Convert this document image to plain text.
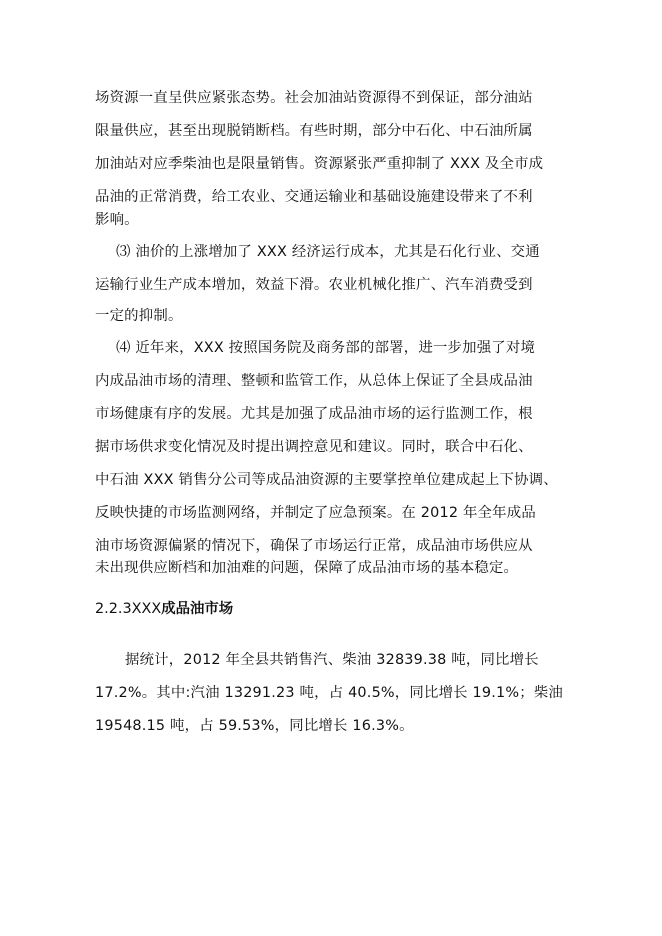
场资源一直呈供应紧张态势。社会加油站资源得不到保证，部分油站

限量供应，甚至出现脱销断档。有些时期，部分中石化、中石油所属

加油站对应季柴油也是限量销售。资源紧张严重抑制了 XXX 及全市成

品油的正常消费，给工农业、交通运输业和基础设施建设带来了不利

影响。

⑶ 油价的上涨增加了 XXX 经济运行成本，尤其是石化行业、交通

运输行业生产成本增加，效益下滑。农业机械化推广、汽车消费受到

一定的抑制。

⑷ 近年来，XXX 按照国务院及商务部的部署，进一步加强了对境

内成品油市场的清理、整顿和监管工作，从总体上保证了全县成品油

市场健康有序的发展。尤其是加强了成品油市场的运行监测工作，根

据市场供求变化情况及时提出调控意见和建议。同时，联合中石化、

中石油 XXX 销售分公司等成品油资源的主要掌控单位建成起上下协调、

反映快捷的市场监测网络，并制定了应急预案。在 2012 年全年成品

油市场资源偏紧的情况下，确保了市场运行正常，成品油市场供应从

未出现供应断档和加油难的问题，保障了成品油市场的基本稳定。

2.2.3XXX成品油市场

据统计，2012 年全县共销售汽、柴油 32839.38 吨，同比增长

17.2%。其中:汽油 13291.23 吨，占 40.5%，同比增长 19.1%；柴油

19548.15 吨，占 59.53%，同比增长 16.3%。
